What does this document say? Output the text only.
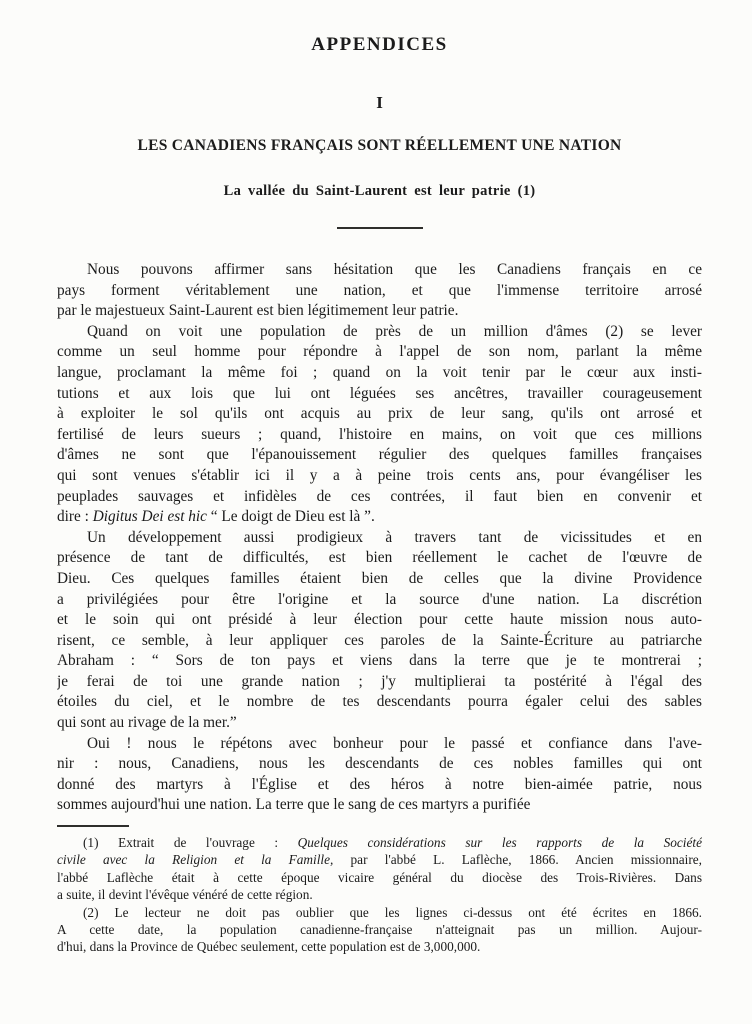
APPENDICES
I
LES CANADIENS FRANÇAIS SONT RÉELLEMENT UNE NATION
La vallée du Saint-Laurent est leur patrie (1)

Nous pouvons affirmer sans hésitation que les Canadiens français en ce
pays forment véritablement une nation, et que l'immense territoire arrosé
par le majestueux Saint-Laurent est bien légitimement leur patrie.

Quand on voit une population de près de un million d'âmes (2) se lever
comme un seul homme pour répondre à l'appel de son nom, parlant la même
langue, proclamant la même foi ; quand on la voit tenir par le cœur aux insti-
tutions et aux lois que lui ont léguées ses ancêtres, travailler courageusement
à exploiter le sol qu'ils ont acquis au prix de leur sang, qu'ils ont arrosé et
fertilisé de leurs sueurs ; quand, l'histoire en mains, on voit que ces millions
d'âmes ne sont que l'épanouissement régulier des quelques familles françaises
qui sont venues s'établir ici il y a à peine trois cents ans, pour évangéliser les
peuplades sauvages et infidèles de ces contrées, il faut bien en convenir et
dire : Digitus Dei est hic “ Le doigt de Dieu est là ”.

Un développement aussi prodigieux à travers tant de vicissitudes et en
présence de tant de difficultés, est bien réellement le cachet de l'œuvre de
Dieu. Ces quelques familles étaient bien de celles que la divine Providence
a privilégiées pour être l'origine et la source d'une nation. La discrétion
et le soin qui ont présidé à leur élection pour cette haute mission nous auto-
risent, ce semble, à leur appliquer ces paroles de la Sainte-Écriture au patriarche
Abraham : “ Sors de ton pays et viens dans la terre que je te montrerai ;
je ferai de toi une grande nation ; j'y multiplierai ta postérité à l'égal des
étoiles du ciel, et le nombre de tes descendants pourra égaler celui des sables
qui sont au rivage de la mer.”

Oui ! nous le répétons avec bonheur pour le passé et confiance dans l'ave-
nir : nous, Canadiens, nous les descendants de ces nobles familles qui ont
donné des martyrs à l'Église et des héros à notre bien-aimée patrie, nous
sommes aujourd'hui une nation. La terre que le sang de ces martyrs a purifiée

(1) Extrait de l'ouvrage : Quelques considérations sur les rapports de la Société
civile avec la Religion et la Famille, par l'abbé L. Laflèche, 1866. Ancien missionnaire,
l'abbé Laflèche était à cette époque vicaire général du diocèse des Trois-Rivières. Dans
a suite, il devint l'évêque vénéré de cette région.

(2) Le lecteur ne doit pas oublier que les lignes ci-dessus ont été écrites en 1866.
A cette date, la population canadienne-française n'atteignait pas un million. Aujour-
d'hui, dans la Province de Québec seulement, cette population est de 3,000,000.
